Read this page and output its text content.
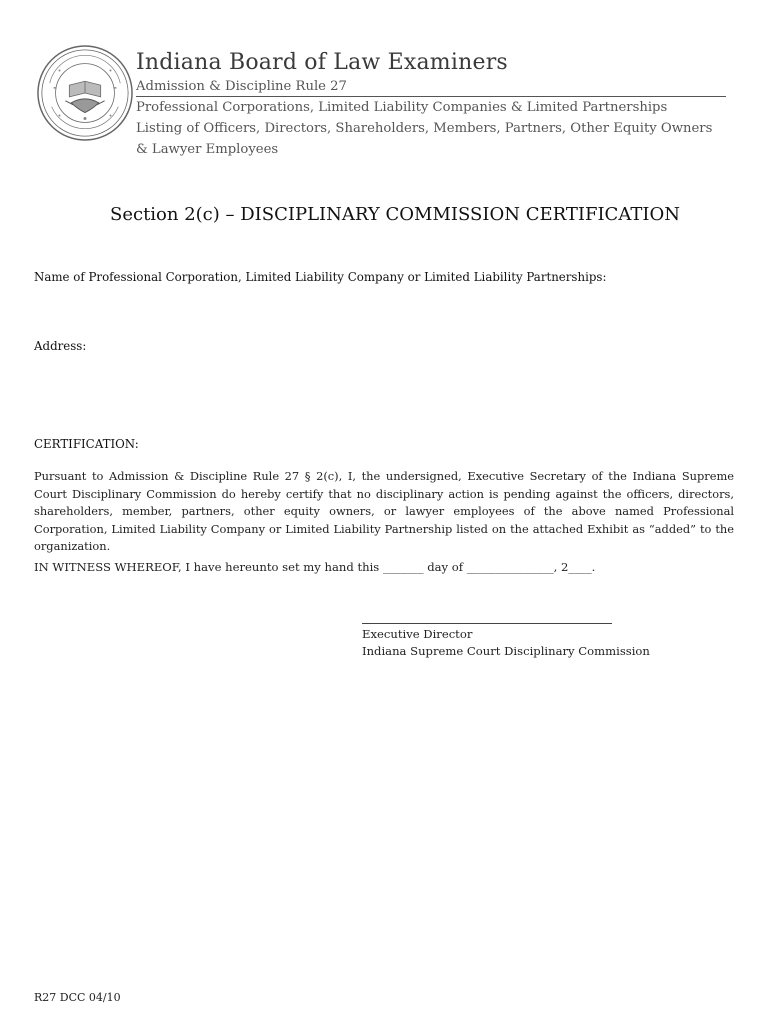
Indiana Board of Law Examiners
Admission & Discipline Rule 27
Professional Corporations, Limited Liability Companies & Limited Partnerships
Listing of Officers, Directors, Shareholders, Members, Partners, Other Equity Owners
& Lawyer Employees
Section 2(c) – DISCIPLINARY COMMISSION CERTIFICATION
Name of Professional Corporation, Limited Liability Company or Limited Liability Partnerships:
Address:
CERTIFICATION:
Pursuant to Admission & Discipline Rule 27 § 2(c), I, the undersigned, Executive Secretary of the Indiana Supreme Court Disciplinary Commission do hereby certify that no disciplinary action is pending against the officers, directors, shareholders, member, partners, other equity owners, or lawyer employees of the above named Professional Corporation, Limited Liability Company or Limited Liability Partnership listed on the attached Exhibit as “added” to the organization.
IN WITNESS WHEREOF, I have hereunto set my hand this _______ day of _______________, 2____.
Executive Director
Indiana Supreme Court Disciplinary Commission
R27 DCC 04/10
